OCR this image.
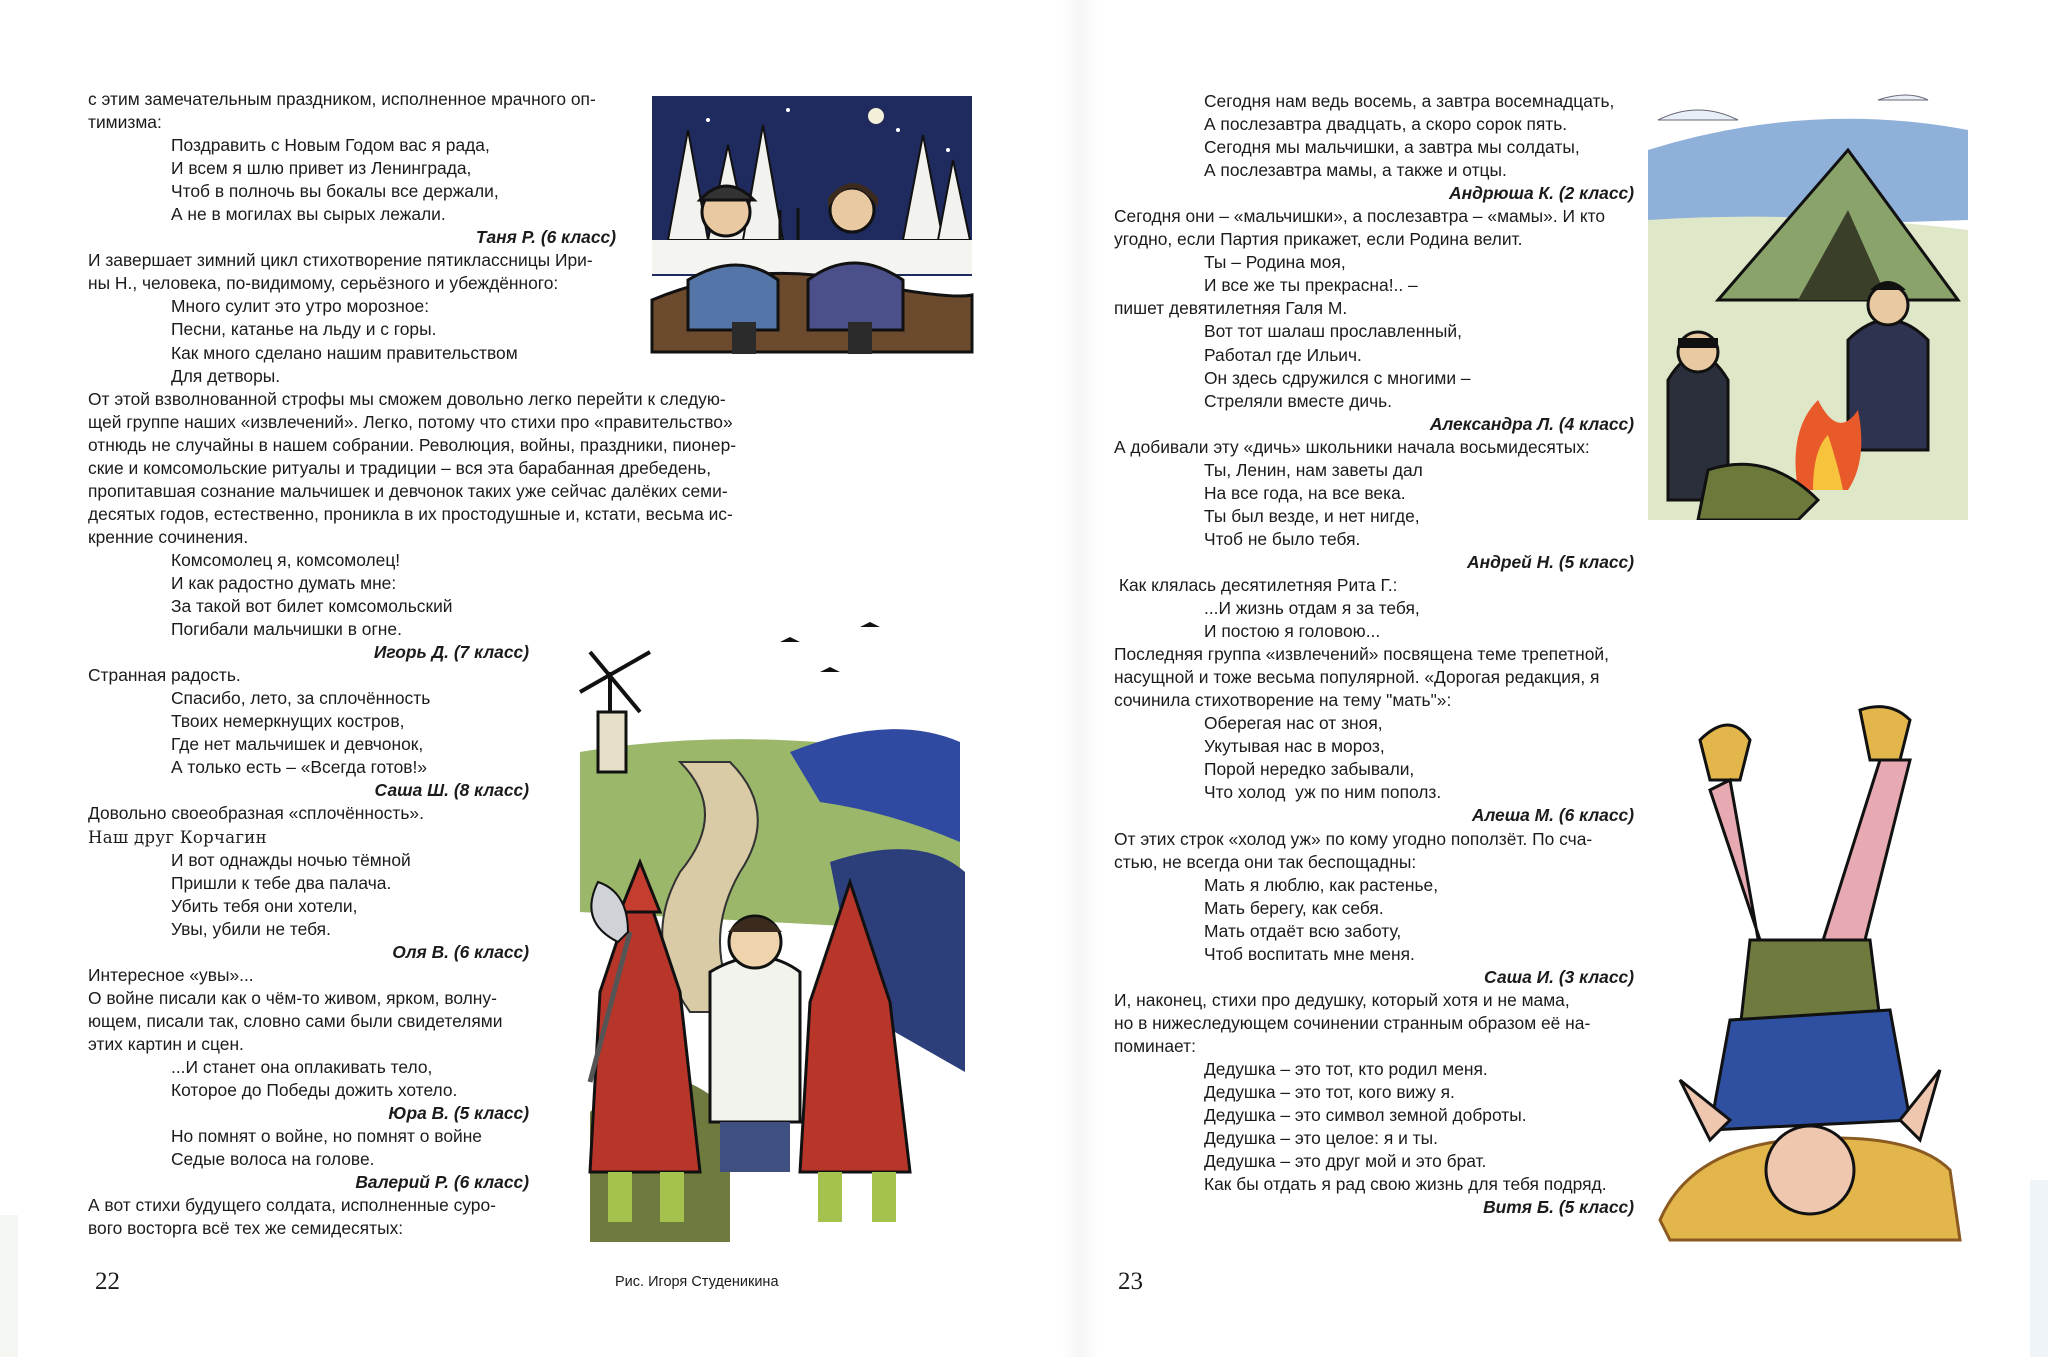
с этим замечательным праздником, исполненное мрачного оп-
тимизма:
Поздравить с Новым Годом вас я рада,
И всем я шлю привет из Ленинграда,
Чтоб в полночь вы бокалы все держали,
А не в могилах вы сырых лежали.
Таня Р. (6 класс)
И завершает зимний цикл стихотворение пятиклассницы Ири-
ны Н., человека, по-видимому, серьёзного и убеждённого:
Много сулит это утро морозное:
Песни, катанье на льду и с горы.
Как много сделано нашим правительством
Для детворы.
От этой взволнованной строфы мы сможем довольно легко перейти к следую-
щей группе наших «извлечений». Легко, потому что стихи про «правительство»
отнюдь не случайны в нашем собрании. Революция, войны, праздники, пионер-
ские и комсомольские ритуалы и традиции – вся эта барабанная дребедень,
пропитавшая сознание мальчишек и девчонок таких уже сейчас далёких семи-
десятых годов, естественно, проникла в их простодушные и, кстати, весьма ис-
кренние сочинения.
Комсомолец я, комсомолец!
И как радостно думать мне:
За такой вот билет комсомольский
Погибали мальчишки в огне.
Игорь Д. (7 класс)
Странная радость.
Спасибо, лето, за сплочённость
Твоих немеркнущих костров,
Где нет мальчишек и девчонок,
А только есть – «Всегда готов!»
Саша Ш. (8 класс)
Довольно своеобразная «сплочённость».
Наш друг Корчагин
И вот однажды ночью тёмной
Пришли к тебе два палача.
Убить тебя они хотели,
Увы, убили не тебя.
Оля В. (6 класс)
Интересное «увы»...
О войне писали как о чём-то живом, ярком, волну-
ющем, писали так, словно сами были свидетелями
этих картин и сцен.
...И станет она оплакивать тело,
Которое до Победы дожить хотело.
Юра В. (5 класс)
Но помнят о войне, но помнят о войне
Седые волоса на голове.
Валерий Р. (6 класс)
А вот стихи будущего солдата, исполненные суро-
вого восторга всё тех же семидесятых:
Сегодня нам ведь восемь, а завтра восемнадцать,
А послезавтра двадцать, а скоро сорок пять.
Сегодня мы мальчишки, а завтра мы солдаты,
А послезавтра мамы, а также и отцы.
Андрюша К. (2 класс)
Сегодня они – «мальчишки», а послезавтра – «мамы». И кто
угодно, если Партия прикажет, если Родина велит.
Ты – Родина моя,
И все же ты прекрасна!.. –
пишет девятилетняя Галя М.
Вот тот шалаш прославленный,
Работал где Ильич.
Он здесь сдружился с многими –
Стреляли вместе дичь.
Александра Л. (4 класс)
А добивали эту «дичь» школьники начала восьмидесятых:
Ты, Ленин, нам заветы дал
На все года, на все века.
Ты был везде, и нет нигде,
Чтоб не было тебя.
Андрей Н. (5 класс)
Как клялась десятилетняя Рита Г.:
...И жизнь отдам я за тебя,
И постою я головою...
Последняя группа «извлечений» посвящена теме трепетной,
насущной и тоже весьма популярной. «Дорогая редакция, я
сочинила стихотворение на тему "мать"»:
Оберегая нас от зноя,
Укутывая нас в мороз,
Порой нередко забывали,
Что холод  уж по ним пополз.
Алеша М. (6 класс)
От этих строк «холод уж» по кому угодно поползёт. По сча-
стью, не всегда они так беспощадны:
Мать я люблю, как растенье,
Мать берегу, как себя.
Мать отдаёт всю заботу,
Чтоб воспитать мне меня.
Саша И. (3 класс)
И, наконец, стихи про дедушку, который хотя и не мама,
но в нижеследующем сочинении странным образом её на-
поминает:
Дедушка – это тот, кто родил меня.
Дедушка – это тот, кого вижу я.
Дедушка – это символ земной доброты.
Дедушка – это целое: я и ты.
Дедушка – это друг мой и это брат.
Как бы отдать я рад свою жизнь для тебя подряд.
Витя Б. (5 класс)
22	Рис. Игоря Студеникина	23
